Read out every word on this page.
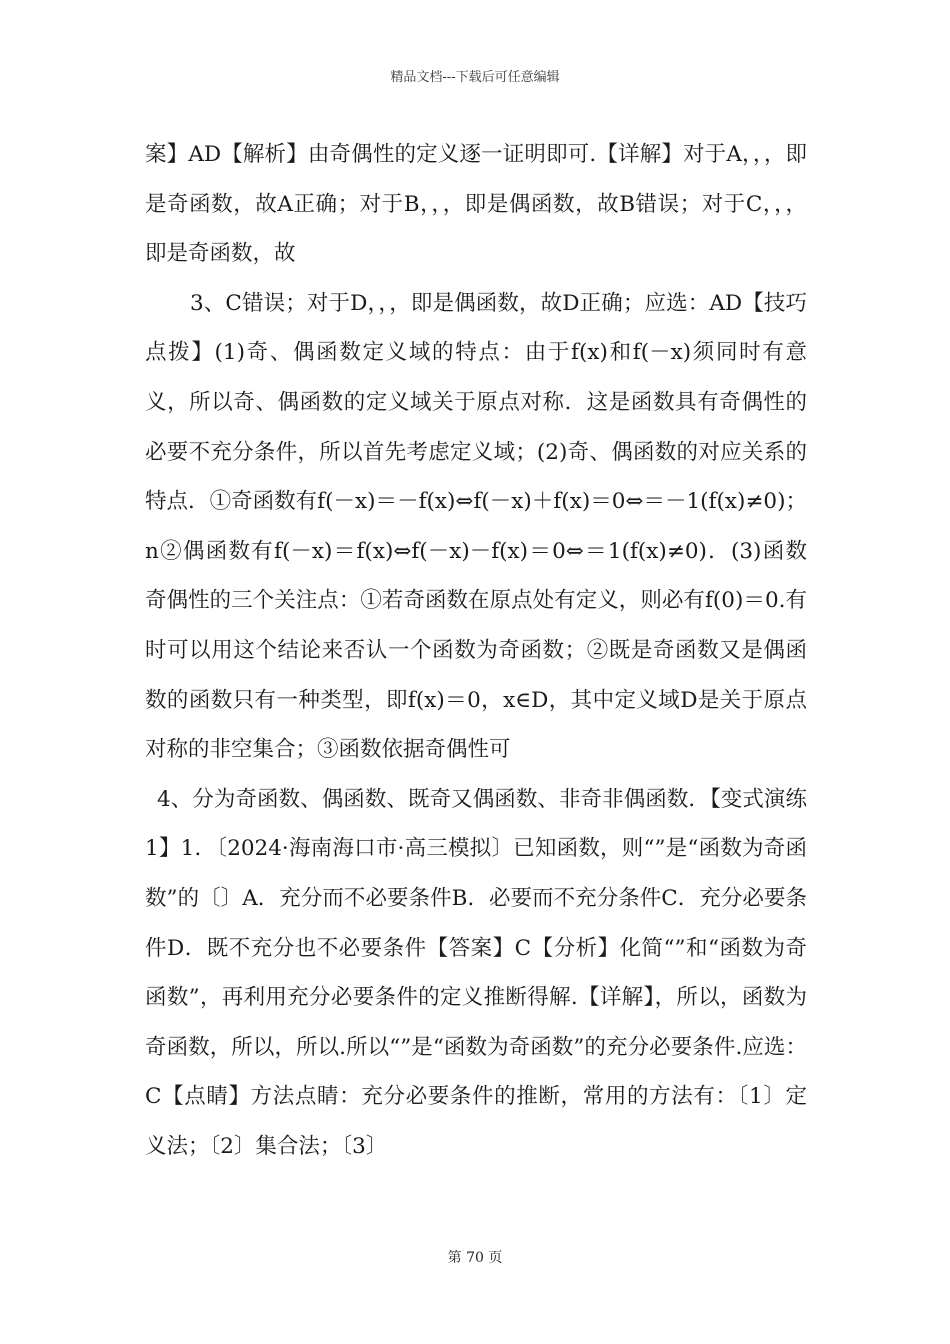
精品文档---下载后可任意编辑

案】AD【解析】由奇偶性的定义逐一证明即可.【详解】对于A，，，即是奇函数，故A正确；对于B，，，即是偶函数，故B错误；对于C，，，即是奇函数，故

3、C错误；对于D，，，即是偶函数，故D正确；应选：AD【技巧点拨】(1)奇、偶函数定义域的特点：由于f(x)和f(－x)须同时有意义，所以奇、偶函数的定义域关于原点对称．这是函数具有奇偶性的必要不充分条件，所以首先考虑定义域；(2)奇、偶函数的对应关系的特点．①奇函数有f(－x)＝－f(x)⇔f(－x)＋f(x)＝0⇔＝－1(f(x)≠0)；n②偶函数有f(－x)＝f(x)⇔f(－x)－f(x)＝0⇔＝1(f(x)≠0)．(3)函数奇偶性的三个关注点：①若奇函数在原点处有定义，则必有f(0)＝0.有时可以用这个结论来否认一个函数为奇函数；②既是奇函数又是偶函数的函数只有一种类型，即f(x)＝0，x∈D，其中定义域D是关于原点对称的非空集合；③函数依据奇偶性可

4、分为奇函数、偶函数、既奇又偶函数、非奇非偶函数．【变式演练1】1．〔2024·海南海口市·高三模拟〕已知函数，则“”是“函数为奇函数”的〔〕A．充分而不必要条件B．必要而不充分条件C．充分必要条件D．既不充分也不必要条件【答案】C【分析】化简“”和“函数为奇函数”，再利用充分必要条件的定义推断得解.【详解】，所以，函数为奇函数，所以，所以.所以“”是“函数为奇函数”的充分必要条件.应选：C【点睛】方法点睛：充分必要条件的推断，常用的方法有：〔1〕定义法；〔2〕集合法；〔3〕

第 70 页
